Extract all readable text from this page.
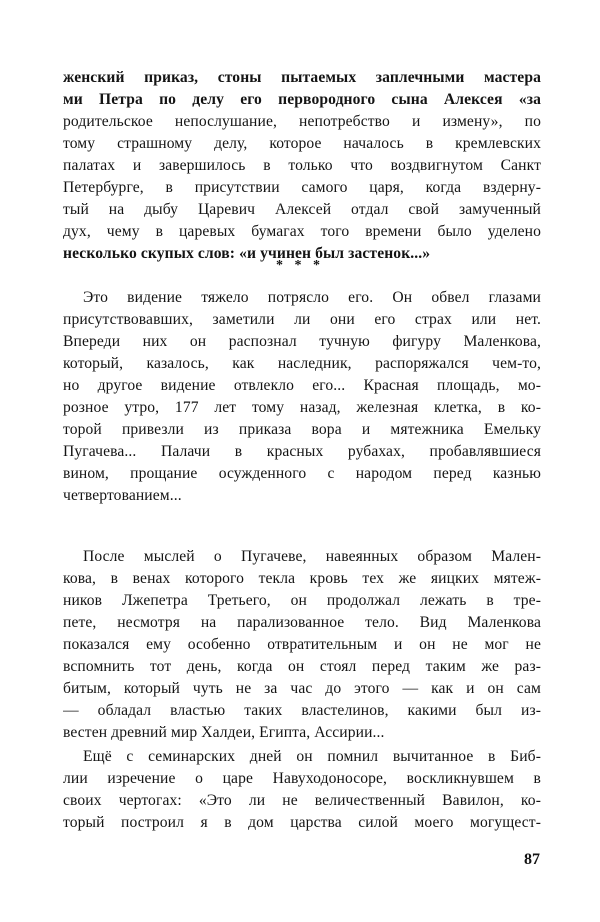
женский приказ, стоны пытаемых заплечными мастера
ми Петра по делу его первородного сына Алексея «за
родительское непослушание, непотребство и измену», по
тому страшному делу, которое началось в кремлевских
палатах и завершилось в только что воздвигнутом Санкт
Петербурге, в присутствии самого царя, когда вздерну-
тый на дыбу Царевич Алексей отдал свой замученный
дух, чему в царевых бумагах того времени было уделено
* * *
Это видение тяжело потрясло его. Он обвел глазами
присутствовавших, заметили ли они его страх или нет.
Впереди них он распознал тучную фигуру Маленкова,
который, казалось, как наследник, распоряжался чем-то,
но другое видение отвлекло его... Красная площадь, мо-
розное утро, 177 лет тому назад, железная клетка, в ко-
торой привезли из приказа вора и мятежника Емельку
Пугачева... Палачи в красных рубахах, пробавлявшиеся
вином, прощание осужденного с народом перед казнью
четвертованием...
После мыслей о Пугачеве, навеянных образом Мален-
кова, в венах которого текла кровь тех же яицких мятеж-
ников Лжепетра Третьего, он продолжал лежать в тре-
пете, несмотря на парализованное тело. Вид Маленкова
показался ему особенно отвратительным и он не мог не
вспомнить тот день, когда он стоял перед таким же раз-
битым, который чуть не за час до этого — как и он сам
— обладал властью таких властелинов, какими был из-
вестен древний мир Халдеи, Египта, Ассирии...
Ещё с семинарских дней он помнил вычитанное в Биб-
лии изречение о царе Навуходоносоре, воскликнувшем в
своих чертогах: «Это ли не величественный Вавилон, ко-
торый построил я в дом царства силой моего могущест-
87
несколько скупых слов: «и учинен был застенок...»
